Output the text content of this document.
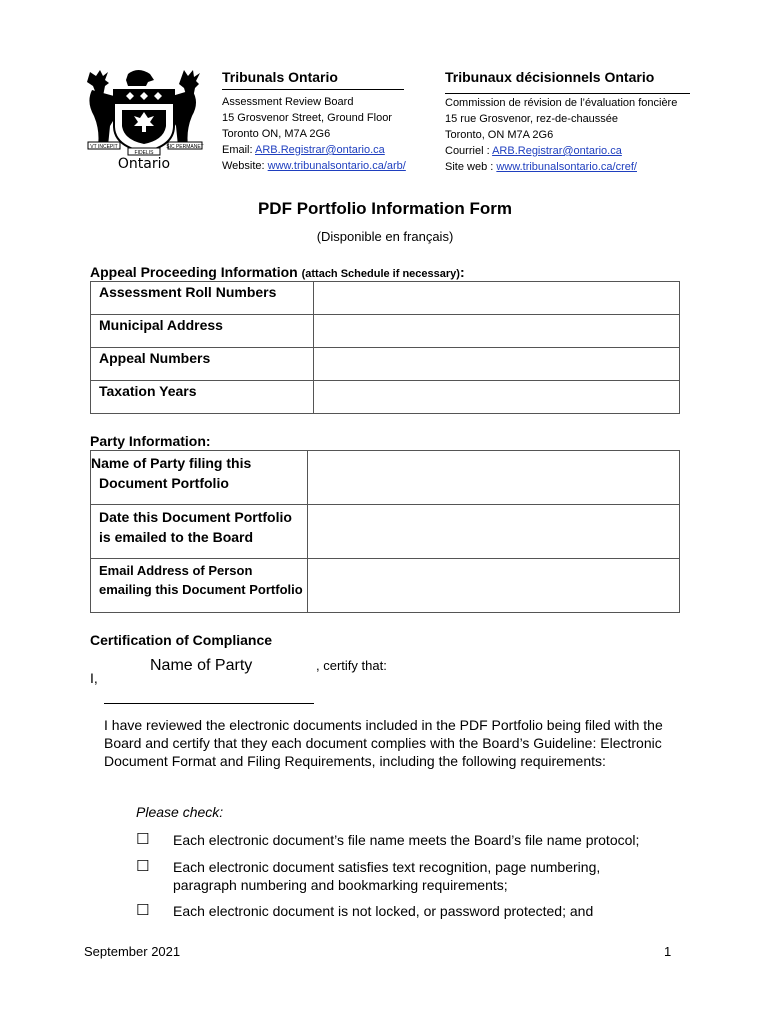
VT INCEPIT
FIDELIS
SIC PERMANET
Ontario
Tribunals Ontario
Assessment Review Board
15 Grosvenor Street, Ground Floor
Toronto ON, M7A 2G6
Email: ARB.Registrar@ontario.ca
Website: www.tribunalsontario.ca/arb/
Tribunaux décisionnels Ontario
Commission de révision de l’évaluation foncière
15 rue Grosvenor, rez-de-chaussée
Toronto, ON M7A 2G6
Courriel : ARB.Registrar@ontario.ca
Site web : www.tribunalsontario.ca/cref/
PDF Portfolio Information Form
(Disponible en français)
Appeal Proceeding Information (attach Schedule if necessary):
Assessment Roll Numbers	
Municipal Address	
Appeal Numbers	
Taxation Years	
Party Information:
Name of Party filing this
Document Portfolio	

Date this Document Portfolio
is emailed to the Board	

Email Address of Person
emailing this Document Portfolio	

Certification of Compliance
I,
Name of Party	, certify that:
I have reviewed the electronic documents included in the PDF Portfolio being filed with the Board and certify that they each document complies with the Board’s Guideline: Electronic Document Format and Filing Requirements, including the following requirements:
Please check:
☐ Each electronic document’s file name meets the Board’s file name protocol;
☐ Each electronic document satisfies text recognition, page numbering, paragraph numbering and bookmarking requirements;
☐ Each electronic document is not locked, or password protected; and
September 2021	1
